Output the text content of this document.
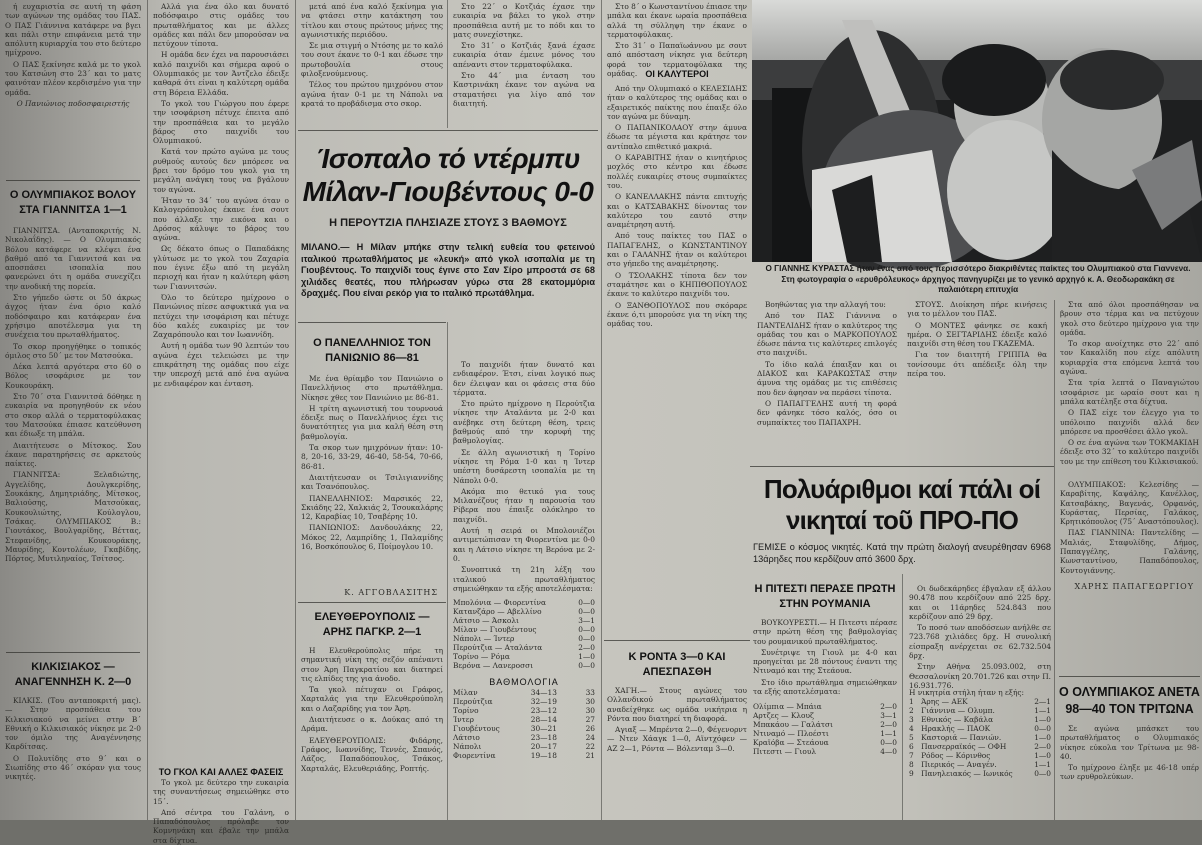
ή ευχαριστία σε αυτή τη φάση των αγώνων της ομάδας του ΠΑΣ. Ο ΠΑΣ Γιάννινα κατάφερε να βγει και πάλι στην επιφάνεια μετά την απόλυτη κυριαρχία του στο δεύτερο ημίχρονο.

Ο ΠΑΣ ξεκίνησε καλά με το γκολ του Κατσώνη στο 23΄ και το ματς φαινόταν πλέον κερδισμένο για την ομάδα.

Ο Πανιώνιος ποδοσφαιριστής

Ο ΟΛΥΜΠΙΑΚΟΣ ΒΟΛΟΥ ΣΤΑ ΓΙΑΝΝΙΤΣΑ 1—1

ΓΙΑΝΝΙΤΣΑ. (Ανταποκριτής Ν. Νικολαΐδης). — Ο Ολυμπιακός Βόλου κατάφερε να κλέψει ένα βαθμό από τα Γιαννιτσά και να αποσπάσει ισοπαλία που φανερώνει ότι η ομάδα συνεχίζει την ανοδική της πορεία.

Στο γήπεδο ώστε οι 50 άκρως άγχος ήταν ένα όριο καλό ποδόσφαιρο και κατάφεραν ένα χρήσιμο αποτέλεσμα για τη συνέχεια του πρωταθλήματος.

Το σκορ προηγήθηκε ο τοπικός όμιλος στο 50΄ με τον Ματσούκα.

Δέκα λεπτά αργότερα στο 60 ο Βόλος ισοφάρισε με τον Κουκουράκη.

Στο 70΄ στα Γιαννιτσά δόθηκε η ευκαιρία να προηγηθούν εκ νέου στο σκορ αλλά ο τερματοφύλακας του Ματσούκα έπιασε κατεύθυνση και έδιωξε τη μπάλα.

Διαιτήτευσε ο Μίτσκος. Σου έκανε παρατηρήσεις σε αρκετούς παίκτες.

ΓΙΑΝΝΙΤΣΑ: Ξελαδιώτης, Αγγελίδης, Δουλγκερίδης, Σουκάκης, Δημητριάδης, Μίτσκος, Βαλιούσης, Ματσούκας, Κουκουλιώτης, Κούλογλου, Τσάκας. ΟΛΥΜΠΙΑΚΟΣ Β.: Γιουτάκος, Βουλγαρίδης, Βέττας, Στεφανίδης, Κουκουράκης, Μαυρίδης, Κοντολέων, Γκαβίδης, Πόρτος, Μυτιληναίος, Τσίτσος.

ΚΙΛΚΙΣΙΑΚΟΣ — ΑΝΑΓΕΝΝΗΣΗ Κ. 2—0

ΚΙΛΚΙΣ. (Του ανταποκριτή μας). — Στην προσπάθεια του Κιλκισιακού να μείνει στην Β΄ Εθνική ο Κιλκισιακός νίκησε με 2-0 τον όμιλο της Αναγέννησης Καρδίτσας.

Ο Πολυτίδης στο 9΄ και ο Σιωπίδης στο 46΄ σκόραν για τους νικητές.

Αλλά για ένα όλο και δυνατό ποδόσφαιρο στις ομάδες του πρωταθλήματος και με άλλες ομάδες και πάλι δεν μπορούσαν να πετύχουν τίποτα.

Η ομάδα δεν έχει να παρουσιάσει καλό παιχνίδι και σήμερα αφού ο Ολυμπιακός με τον Άντζελο έδειξε καθαρά ότι είναι η καλύτερη ομάδα στη Βόρεια Ελλάδα.

Το γκολ του Γιώργου που έφερε την ισοφάριση πέτυχε έπειτα από την προσπάθεια και το μεγάλο βάρος στο παιχνίδι του Ολυμπιακού.

Κατά τον πρώτο αγώνα με τους ρυθμούς αυτούς δεν μπόρεσε να βρει τον δρόμο του γκολ για τη μεγάλη ανάγκη τους να βγάλουν τον αγώνα.

Ήταν το 34΄ του αγώνα όταν ο Καλογερόπουλος έκανε ένα σουτ που άλλαξε την εικόνα και ο Δρόσος κάλυψε το βάρος του αγώνα.

Ως δέκατο όπως ο Παπαδάκης γλύτωσε με το γκολ του Ζαχαρία που έγινε έξω από τη μεγάλη περιοχή και ήταν η καλύτερη φάση των Γιαννιτσών.

Όλο το δεύτερο ημίχρονο ο Πανιώνιος πίεσε ασφυκτικά για να πετύχει την ισοφάριση και πέτυχε δύο καλές ευκαιρίες με τον Ζαχαρόπουλο και τον Ιωαννίδη.

Αυτή η ομάδα των 90 λεπτών του αγώνα έχει τελειώσει με την επικράτηση της ομάδας που είχε την υπεροχή μετά από ένα αγώνα με ενδιαφέρον και ένταση.

ΤΟ ΓΚΟΛ ΚΑΙ ΑΛΛΕΣ ΦΑΣΕΙΣ

Το γκολ με δεύτερο την ευκαιρία της συναντήσεως σημειώθηκε στο 15΄.

Από σέντρα του Γαλάνη, ο Παπαδόπουλος πρόλαβε τον Κομνηνάκη και έβαλε την μπάλα στα δίχτυα.

μετά από ένα καλό ξεκίνημα για να φτάσει στην κατάκτηση του τίτλου και στους πρώτους μήνες της αγωνιστικής περιόδου.

Σε μια στιγμή ο Ντόσης με το καλό του σουτ έκανε το 0-1 και έδωσε την πρωτοβουλία στους φιλοξενούμενους.

Τέλος του πρώτου ημιχρόνου στον αγώνα ήταν 0-1 με τη Νάπολι να κρατά το προβάδισμα στο σκορ.

Στο 22΄ ο Κοτζιάς έχασε την ευκαιρία να βάλει το γκολ στην προσπάθεια αυτή με το πόδι και το ματς συνεχίστηκε.

Στο 31΄ ο Κοτζιάς ξανά έχασε ευκαιρία όταν έμεινε μόνος του απέναντι στον τερματοφύλακα.

Στο 44΄ μια ένταση του Καστρινάκη έκανε τον αγώνα να σταματήσει για λίγο από τον διαιτητή.

Ίσοπαλο τό ντέρμπυ Μίλαν-Γιουβέντους 0-0
Η ΠΕΡΟΥΤΖΙΑ ΠΛΗΣΙΑΖΕ ΣΤΟΥΣ 3 ΒΑΘΜΟΥΣ
ΜΙΛΑΝΟ.— Η Μίλαν μπήκε στην τελική ευθεία του φετεινού ιταλικού πρωταθλήματος με «λευκή» από γκολ ισοπαλία με τη Γιουβέντους. Το παιχνίδι τους έγινε στο Σαν Σίρο μπροστά σε 68 χιλιάδες θεατές, που πλήρωσαν γύρω στα 28 εκατομμύρια δραχμές. Που είναι ρεκόρ για το ιταλικό πρωτάθλημα.
Ο ΠΑΝΕΛΛΗΝΙΟΣ ΤΟΝ ΠΑΝΙΩΝΙΟ 86—81

Με ένα θρίαμβο τον Πανιώνιο ο Πανελλήνιος στο πρωτάθλημα. Νίκησε χθες τον Πανιώνιο με 86-81.

Η τρίτη αγωνιστική του τουρνουά έδειξε πως ο Πανελλήνιος έχει τις δυνατότητες για μια καλή θέση στη βαθμολογία.

Τα σκορ των ημιχρόνων ήταν: 10-8, 20-16, 33-29, 46-40, 58-54, 70-66, 86-81.

Διαιτήτευσαν οι Τσιλιγιαννίδης και Τσανόπουλος.

ΠΑΝΕΛΛΗΝΙΟΣ: Μαρσικός 22, Σκιάδης 22, Χαλκιάς 2, Τσουκαλάρης 12, Καραβίας 10, Τσαβέρης 10.

ΠΑΝΙΩΝΙΟΣ: Δανδουλάκης 22, Μόκος 22, Λαμπρίδης 1, Παλαμίδης 16, Βοσκόπουλος 6, Ποίμογλου 10.

Κ. ΑΓΓΟΒΛΑΣΙΤΗΣ
ΕΛΕΥΘΕΡΟΥΠΟΛΙΣ — ΑΡΗΣ ΠΑΓΚΡ. 2—1

Η Ελευθερούπολις πήρε τη σημαντική νίκη της σεζόν απέναντι στον Άρη Παγκρατίου και διατηρεί τις ελπίδες της για άνοδο.

Τα γκολ πέτυχαν οι Γράφος, Χαρταλάς για την Ελευθερούπολη και ο Λαζαρίδης για τον Άρη.

Διαιτήτευσε ο κ. Δούκας από τη Δράμα.

ΕΛΕΥΘΕΡΟΥΠΟΛΙΣ: Φιδάρης, Γράφος, Ιωαννίδης, Τεννές, Σπανός, Λάζος, Παπαδόπουλος, Τσάκος, Χαρταλάς, Ελευθεριάδης, Ροπτής.

Το παιχνίδι ήταν δυνατό και ενδιαφέρον. Έτσι, είναι λογικό πως δεν έλειψαν και οι φάσεις στα δύο τέρματα.

Στο πρώτο ημίχρονο η Περούτζια νίκησε την Αταλάντα με 2-0 και ανέβηκε στη δεύτερη θέση, τρεις βαθμούς από την κορυφή της βαθμολογίας.

Σε άλλη αγωνιστική η Τορίνο νίκησε τη Ρόμα 1-0 και η Ίντερ υπέστη δυσάρεστη ισοπαλία με τη Νάπολι 0-0.

Ακόμα πιο θετικό για τους Μιλανέζους ήταν η παρουσία του Ρίβερα που έπαιξε ολόκληρο το παιχνίδι.

Αυτή η σειρά οι Μπολονιέζοι αντιμετώπισαν τη Φιορεντίνα με 0-0 και η Λάτσιο νίκησε τη Βερόνα με 2-0.

Συνοπτικά τη 21η λέξη του ιταλικού πρωταθλήματος σημειώθηκαν τα εξής αποτελέσματα:

Μπολόνια — Φιορεντίνα	0—0
Κατανζάρο — Αβελλίνο	0—0
Λάτσιο — Άσκολι	3—1
Μίλαν — Γιουβέντους	0—0
Νάπολι — Ίντερ	0—0
Περούτζια — Αταλάντα	2—0
Τορίνο — Ρόμα	1—0
Βερόνα — Λανεροσσι	0—0
ΒΑΘΜΟΛΟΓΙΑ
Μίλαν	34—13	33
Περούτζια	32—19	30
Τορίνο	23—12	30
Ίντερ	28—14	27
Γιουβέντους	30—21	26
Λάτσιο	23—18	24
Νάπολι	20—17	22
Φιορεντίνα	19—18	21

Στο 8΄ ο Κωνσταντίνου έπιασε την μπάλα και έκανε ωραία προσπάθεια αλλά τη σύλληψη την έκανε ο τερματοφύλακας.

Στο 31΄ ο Παπαϊωάννου με σουτ από απόσταση νίκησε για δεύτερη φορά τον τερματοφύλακα της ομάδας. ΟΙ ΚΑΛΥΤΕΡΟΙ

Από την Ολυμπιακό ο ΚΕΛΕΣΙΔΗΣ ήταν ο καλύτερος της ομάδας και ο εξαιρετικός παίκτης που έπαιξε όλο τον αγώνα με δύναμη.

Ο ΠΑΠΑΝΙΚΟΛΑΟΥ στην άμυνα έδωσε τα μέγιστα και κράτησε τον αντίπαλο επιθετικό μακριά.

Ο ΚΑΡΑΒΙΤΗΣ ήταν ο κινητήριος μοχλός στο κέντρο και έδωσε πολλές ευκαιρίες στους συμπαίκτες του.

Ο ΚΑΝΕΛΛΑΚΗΣ πάντα επιτυχής και ο ΚΑΤΣΑΒΑΚΗΣ δίνοντας τον καλύτερο του εαυτό στην αναμέτρηση αυτή.

Από τους παίκτες του ΠΑΣ ο ΠΑΠΑΓΕΛΗΣ, ο ΚΩΝΣΤΑΝΤΙΝΟΥ και ο ΓΑΛΑΝΗΣ ήταν οι καλύτεροι στο γήπεδο της αναμέτρησης.

Ο ΤΣΟΛΑΚΗΣ τίποτα δεν τον σταμάτησε και ο ΚΗΠΙΘΟΠΟΥΛΟΣ έκανε το καλύτερο παιχνίδι του.

Ο ΞΑΝΘΟΠΟΥΛΟΣ που σκόραρε έκανε ό,τι μπορούσε για τη νίκη της ομάδας του.

Κ ΡΟΝΤΑ 3—0 ΚΑΙ ΑΠΕΣΠΑΣΘΗ

ΧΑΓΗ.— Στους αγώνες του Ολλανδικού πρωταθλήματος αναδείχθηκε ως ομάδα νικήτρια η Ρόντα που διατηρεί τη διαφορά.

Αγιαξ — Μπρέντα 2—0, Φέγενορντ — Ντεν Χάαγκ 1—0, Αϊντχόφεν — ΑΖ 2—1, Ρόντα — Βόλενταμ 3—0.

Ο ΓΙΑΝΝΗΣ ΚΥΡΑΣΤΑΣ ήταν ένας από τους περισσότερο διακριθέντες παίκτες του Ολυμπιακού στα Γιαννενα. Στη φωτογραφία ο «ερυθρόλευκος» άρχηγος πανηγυρίζει με το γενικό αρχηγό κ. Α. Θεοδωρακάκη σε παλαιότερη επιτυχία

Βοηθώντας για την αλλαγή του:

Από τον ΠΑΣ Γιάννινα ο ΠΑΝΤΕΛΙΔΗΣ ήταν ο καλύτερος της ομάδας του και ο ΜΑΡΚΟΠΟΥΛΟΣ έδωσε πάντα τις καλύτερες επιλογές στο παιχνίδι.

Το ίδιο καλά έπαιξαν και οι ΔΙΑΚΟΣ και ΚΑΡΑΚΩΣΤΑΣ στην άμυνα της ομάδας με τις επιθέσεις που δεν άφησαν να περάσει τίποτα.

Ο ΠΑΠΑΓΓΕΛΗΣ αυτή τη φορά δεν φάνηκε τόσο καλός, όσο οι συμπαίκτες του ΠΑΠΑΧΡΗ.

ΣΤΟΥΣ. Διοίκηση πήρε κινήσεις για το μέλλον του ΠΑΣ.

Ο ΜΟΝΤΕΣ φάνηκε σε κακή ημέρα. Ο ΣΕΓΤΑΡΙΔΗΣ έδειξε καλό παιχνίδι στη θέση του ΓΚΑΖΕΜΑ.

Για τον διαιτητή ΓΡΙΠΠΑ θα τονίσουμε ότι απέδειξε όλη την πείρα του.

Πολυάριθμοι καί πάλι οί νικηταί τοῦ ΠΡΟ-ΠΟ
ΓΕΜΙΣΕ ο κόσμος νικητές. Κατά την πρώτη διαλογή ανευρέθησαν 6968 13άρηδες που κερδίζουν από 3600 δρχ.
Η ΠΙΤΕΣΤΙ ΠΕΡΑΣΕ ΠΡΩΤΗ ΣΤΗΝ ΡΟΥΜΑΝΙΑ

ΒΟΥΚΟΥΡΕΣΤΙ.— Η Πιτεστι πέρασε στην πρώτη θέση της βαθμολογίας του ρουμανικού πρωταθλήματος.

Συνέτριψε τη Γιουλ με 4-0 και προηγείται με 28 πόντους έναντι της Ντιναμό και της Στεάουα.

Στο ίδιο πρωτάθλημα σημειώθηκαν τα εξής αποτελέσματα:

Ολίμπια — Μπάια	2—0
Αρτζες — Κλουζ	3—1
Μπακάου — Γαλάτσι	2—0
Ντιναμό — Πλοέστι	1—1
Κραϊόβα — Στεάουα	0—0
Πιτεστι — Γιουλ	4—0

Οι δωδεκάρηδες έβγαλαν εξ άλλου 90.478 που κερδίζουν από 225 δρχ. και οι 11άρηδες 524.843 που κερδίζουν από 29 δρχ.

Το ποσό των αποδόσεων ανήλθε σε 723.768 χιλιάδες δρχ. Η συνολική είσπραξη ανέρχεται σε 62.732.504 δρχ.

Στην Αθήνα 25.093.002, στη Θεσσαλονίκη 20.701.726 και στην Π. 16.931.776.

Η νικητρία στήλη ήταν η εξής:
1	Άρης — ΑΕΚ	2—1
2	Γιάννινα — Ολυμπ.	1—1
3	Εθνικός — Καβάλα	1—0
4	Ηρακλής — ΠΑΟΚ	0—0
5	Καστοριά — Πανιών.	1—0
6	Πανσερραϊκός — ΟΦΗ	2—0
7	Ρόδος — Κόρινθος	1—0
8	Πιερικός — Αναγέν.	1—1
9	Πανηλειακός — Ιωνικός	0—0

Στα από όλοι προσπάθησαν να βρουν στο τέρμα και να πετύχουν γκολ στο δεύτερο ημίχρονο για την ομάδα.

Το σκορ ανοίχτηκε στο 22΄ από τον Κακαλίδη που είχε απόλυτη κυριαρχία στα επόμενα λεπτά του αγώνα.

Στα τρία λεπτά ο Παναγιώτου ισοφάρισε με ωραίο σουτ και η μπάλα κατέληξε στα δίχτυα.

Ο ΠΑΣ είχε τον έλεγχο για το υπόλοιπο παιχνίδι αλλά δεν μπόρεσε να προσθέσει άλλο γκολ.

Ο σε ένα αγώνα των ΤΟΚΜΑΚΙΔΗ έδειξε στο 32΄ το καλύτερο παιχνίδι του με την επίθεση του Κιλκισιακού.

ΟΛΥΜΠΙΑΚΟΣ: Κελεσίδης — Καραβίτης, Καψάλης, Κανέλλος, Κατσαβάκης, Βαγενάς, Ορφανός, Κυράστας, Περσίας, Γαλάκος, Κρητικόπουλος (75΄ Αναστόπουλος).

ΠΑΣ ΓΙΑΝΝΙΝΑ: Παντελίδης — Μαλιάς, Σταφυλίδης, Δήμος, Παπαγγέλης, Γαλάνης, Κωνσταντίνου, Παπαδόπουλος, Κοντογιάννης.

ΧΑΡΗΣ ΠΑΠΑΓΕΩΡΓΙΟΥ
Ο ΟΛΥΜΠΙΑΚΟΣ ΑΝΕΤΑ 98—40 ΤΟΝ ΤΡΙΤΩΝΑ

Σε αγώνα μπάσκετ του πρωταθλήματος ο Ολυμπιακός νίκησε εύκολα τον Τρίτωνα με 98-40.

Το ημίχρονο έληξε με 46-18 υπέρ των ερυθρολεύκων.
